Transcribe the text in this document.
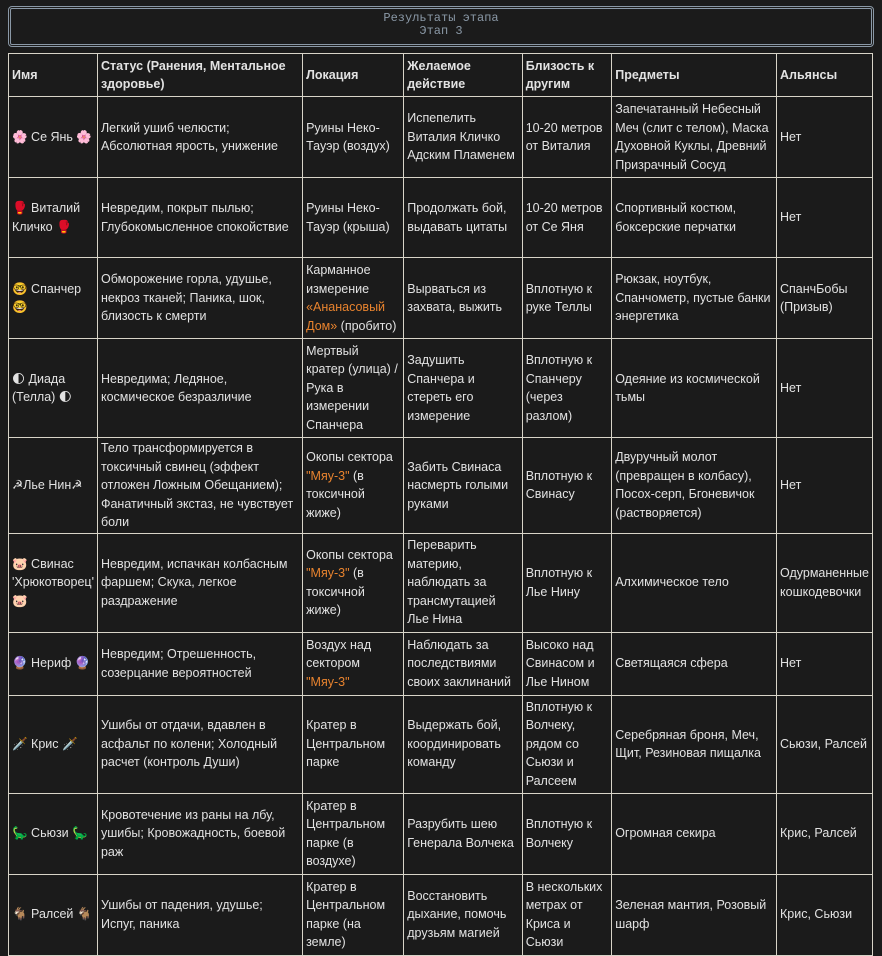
Результаты этапа
Этап 3
Имя	Статус (Ранения, Ментальное здоровье)	Локация	Желаемое действие	Близость к другим	Предметы	Альянсы
🌸 Се Янь 🌸	Легкий ушиб челюсти; Абсолютная ярость, унижение	Руины Неко-Тауэр (воздух)	Испепелить Виталия Кличко Адским Пламенем	10-20 метров от Виталия	Запечатанный Небесный Меч (слит с телом), Маска Духовной Куклы, Древний Призрачный Сосуд	Нет
🥊 Виталий Кличко 🥊	Невредим, покрыт пылью; Глубокомысленное спокойствие	Руины Неко-Тауэр (крыша)	Продолжать бой, выдавать цитаты	10-20 метров от Се Яня	Спортивный костюм, боксерские перчатки	Нет
🤓 Спанчер 🤓	Обморожение горла, удушье, некроз тканей; Паника, шок, близость к смерти	Карманное измерение «Ананасовый Дом» (пробито)	Вырваться из захвата, выжить	Вплотную к руке Теллы	Рюкзак, ноутбук, Спанчометр, пустые банки энергетика	СпанчБобы (Призыв)
🌓 Диада (Телла) 🌓	Невредима; Ледяное, космическое безразличие	Мертвый кратер (улица) / Рука в измерении Спанчера	Задушить Спанчера и стереть его измерение	Вплотную к Спанчеру (через разлом)	Одеяние из космической тьмы	Нет
☭Лье Нин☭	Тело трансформируется в токсичный свинец (эффект отложен Ложным Обещанием); Фанатичный экстаз, не чувствует боли	Окопы сектора "Мяу-3" (в токсичной жиже)	Забить Свинаса насмерть голыми руками	Вплотную к Свинасу	Двуручный молот (превращен в колбасу), Посох-серп, Бгоневичок (растворяется)	Нет
🐷 Свинас 'Хрюкотворец' 🐷	Невредим, испачкан колбасным фаршем; Скука, легкое раздражение	Окопы сектора "Мяу-3" (в токсичной жиже)	Переварить материю, наблюдать за трансмутацией Лье Нина	Вплотную к Лье Нину	Алхимическое тело	Одурманенные кошкодевочки
🔮 Нериф 🔮	Невредим; Отрешенность, созерцание вероятностей	Воздух над сектором "Мяу-3"	Наблюдать за последствиями своих заклинаний	Высоко над Свинасом и Лье Нином	Светящаяся сфера	Нет
🗡️ Крис 🗡️	Ушибы от отдачи, вдавлен в асфальт по колени; Холодный расчет (контроль Души)	Кратер в Центральном парке	Выдержать бой, координировать команду	Вплотную к Волчеку, рядом со Сьюзи и Ралсеем	Серебряная броня, Меч, Щит, Резиновая пищалка	Сьюзи, Ралсей
🦕 Сьюзи 🦕	Кровотечение из раны на лбу, ушибы; Кровожадность, боевой раж	Кратер в Центральном парке (в воздухе)	Разрубить шею Генерала Волчека	Вплотную к Волчеку	Огромная секира	Крис, Ралсей
🐐 Ралсей 🐐	Ушибы от падения, удушье; Испуг, паника	Кратер в Центральном парке (на земле)	Восстановить дыхание, помочь друзьям магией	В нескольких метрах от Криса и Сьюзи	Зеленая мантия, Розовый шарф	Крис, Сьюзи
